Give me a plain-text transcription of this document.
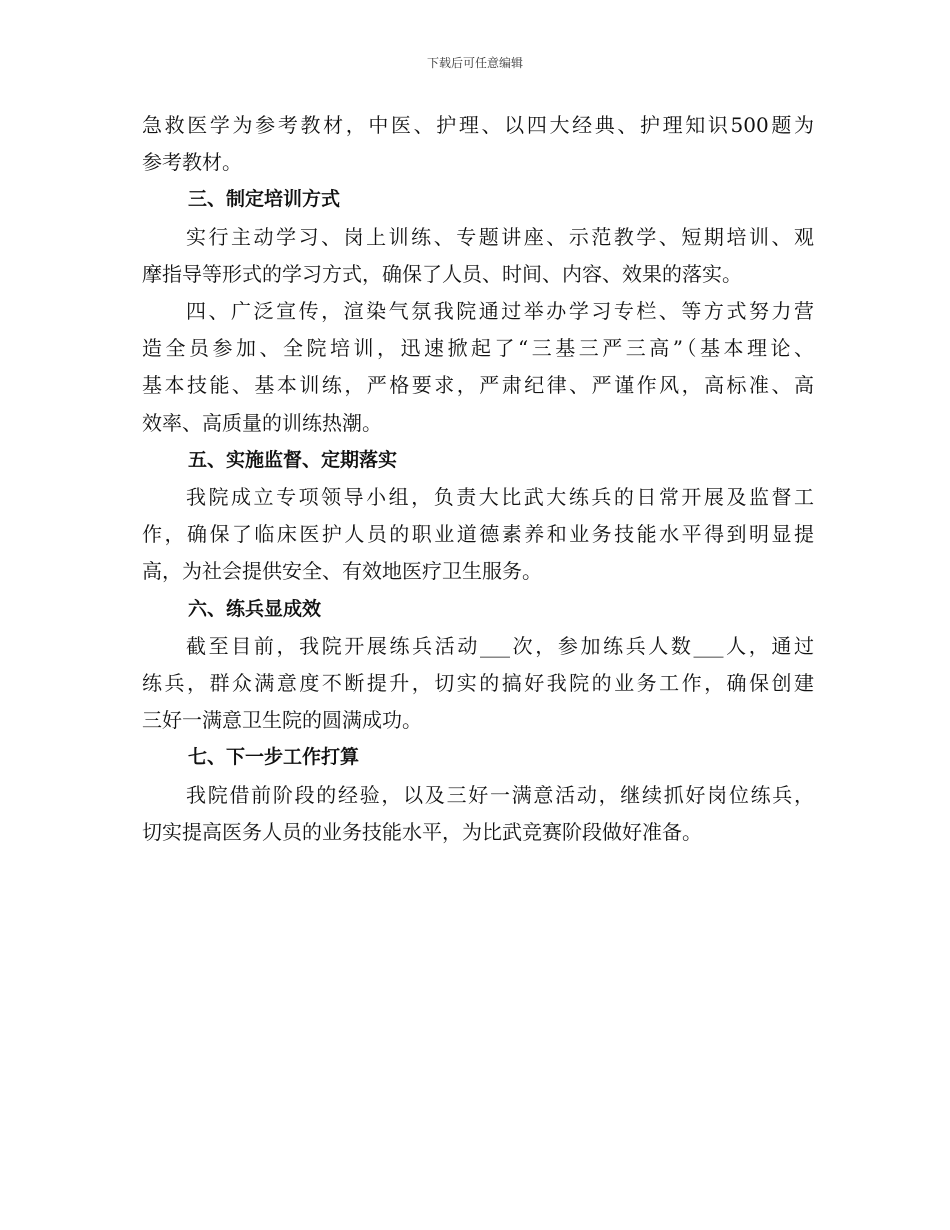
下载后可任意编辑
急救医学为参考教材，中医、护理、以四大经典、护理知识500题为
参考教材。
三、制定培训方式
实行主动学习、岗上训练、专题讲座、示范教学、短期培训、观
摩指导等形式的学习方式，确保了人员、时间、内容、效果的落实。
四、广泛宣传，渲染气氛我院通过举办学习专栏、等方式努力营
造全员参加、全院培训，迅速掀起了“三基三严三高”（基本理论、
基本技能、基本训练，严格要求，严肃纪律、严谨作风，高标准、高
效率、高质量的训练热潮。
五、实施监督、定期落实
我院成立专项领导小组，负责大比武大练兵的日常开展及监督工
作，确保了临床医护人员的职业道德素养和业务技能水平得到明显提
高，为社会提供安全、有效地医疗卫生服务。
六、练兵显成效
截至目前，我院开展练兵活动___次，参加练兵人数___人，通过
练兵，群众满意度不断提升，切实的搞好我院的业务工作，确保创建
三好一满意卫生院的圆满成功。
七、下一步工作打算
我院借前阶段的经验，以及三好一满意活动，继续抓好岗位练兵，
切实提高医务人员的业务技能水平，为比武竞赛阶段做好准备。
